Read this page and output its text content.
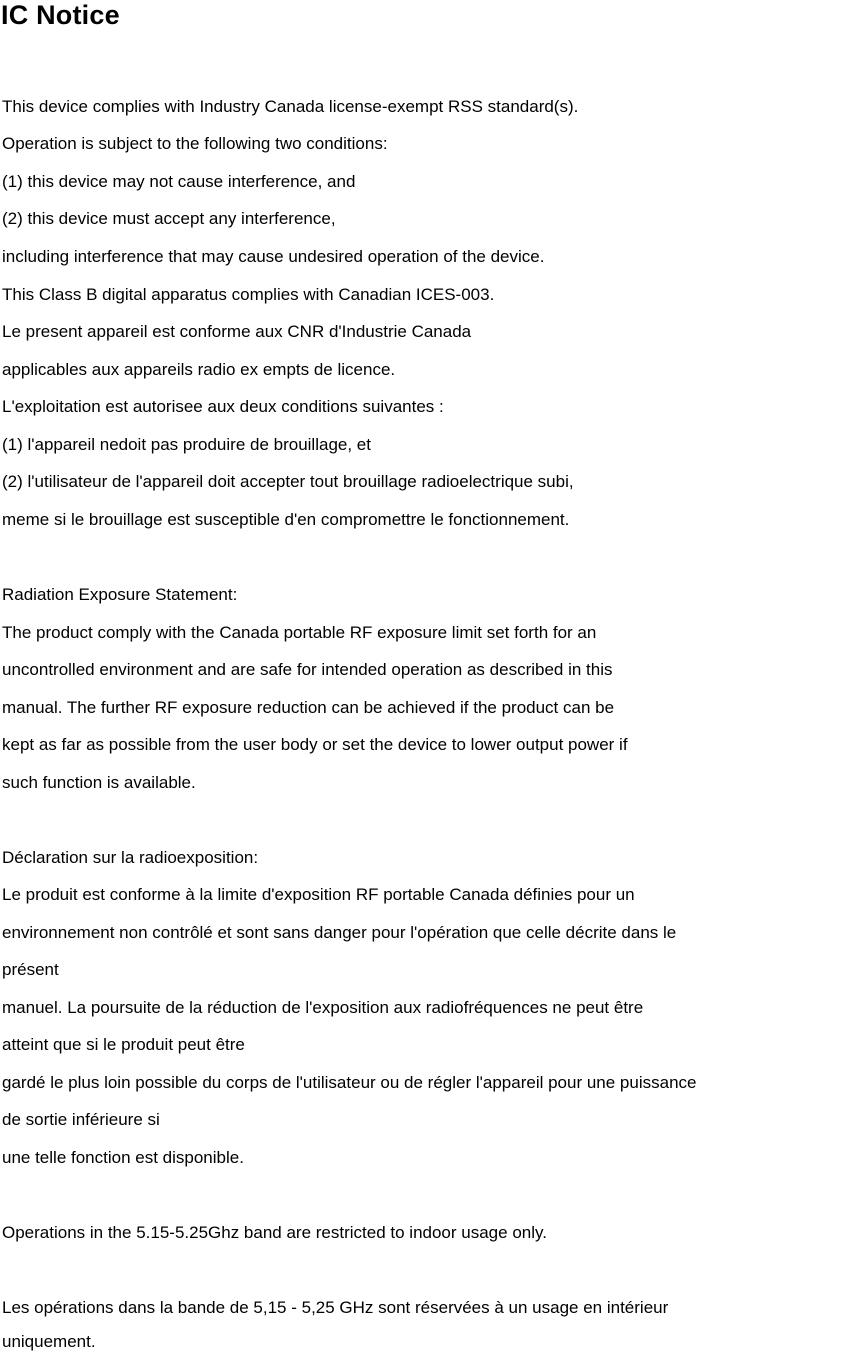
IC Notice

This device complies with Industry Canada license-exempt RSS standard(s).

Operation is subject to the following two conditions:

(1) this device may not cause interference, and

(2) this device must accept any interference,

including interference that may cause undesired operation of the device.

This Class B digital apparatus complies with Canadian ICES-003.

Le present appareil est conforme aux CNR d'Industrie Canada

applicables aux appareils radio ex empts de licence.

L'exploitation est autorisee aux deux conditions suivantes :

(1) l'appareil nedoit pas produire de brouillage, et

(2) l'utilisateur de l'appareil doit accepter tout brouillage radioelectrique subi,

meme si le brouillage est susceptible d'en compromettre le fonctionnement.

Radiation Exposure Statement:

The product comply with the Canada portable RF exposure limit set forth for an

uncontrolled environment and are safe for intended operation as described in this

manual. The further RF exposure reduction can be achieved if the product can be

kept as far as possible from the user body or set the device to lower output power if

such function is available.

Déclaration sur la radioexposition:

Le produit est conforme à la limite d'exposition RF portable Canada définies pour un

environnement non contrôlé et sont sans danger pour l'opération que celle décrite dans le

présent

manuel. La poursuite de la réduction de l'exposition aux radiofréquences ne peut être

atteint que si le produit peut être

gardé le plus loin possible du corps de l'utilisateur ou de régler l'appareil pour une puissance

de sortie inférieure si

une telle fonction est disponible.

Operations in the 5.15-5.25Ghz band are restricted to indoor usage only.

Les opérations dans la bande de 5,15 - 5,25 GHz sont réservées à un usage en intérieur

uniquement.
